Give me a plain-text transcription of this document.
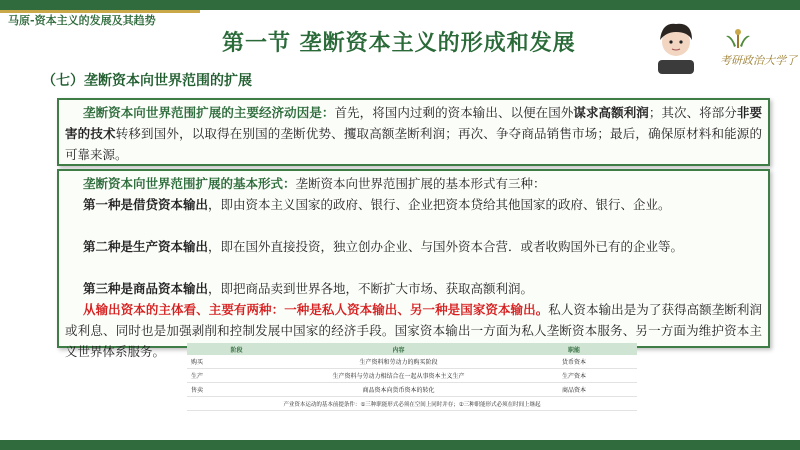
马原-资本主义的发展及其趋势
第一节 垄断资本主义的形成和发展
考研政治大学了
（七）垄断资本向世界范围的扩展
垄断资本向世界范围扩展的主要经济动因是：首先，将国内过剩的资本输出、以便在国外谋求高额利润；其次、将部分非要害的技术转移到国外，以取得在别国的垄断优势、攫取高额垄断利润；再次、争夺商品销售市场；最后，确保原材料和能源的可靠来源。
垄断资本向世界范围扩展的基本形式：垄断资本向世界范围扩展的基本形式有三种：
第一种是借贷资本输出，即由资本主义国家的政府、银行、企业把资本贷给其他国家的政府、银行、企业。
第二种是生产资本输出，即在国外直接投资，独立创办企业、与国外资本合营．或者收购国外已有的企业等。
第三种是商品资本输出，即把商品卖到世界各地，不断扩大市场、获取高额利润。
从输出资本的主体看、主要有两种：一种是私人资本输出、另一种是国家资本输出。私人资本输出是为了获得高额垄断利润或利息、同时也是加强剥削和控制发展中国家的经济手段。国家资本输出一方面为私人垄断资本服务、另一方面为维护资本主义世界体系服务。	阶段	内容	职能
购买	生产资料和劳动力的购买阶段	货币资本
生产	生产资料与劳动力相结合在一起从事资本主义生产	生产资本
售卖	商品资本向货币资本的转化	商品资本
产业资本运动的基本前提条件：①三种职能形式必须在空间上同时并存；②三种职能形式必须在时间上继起		
